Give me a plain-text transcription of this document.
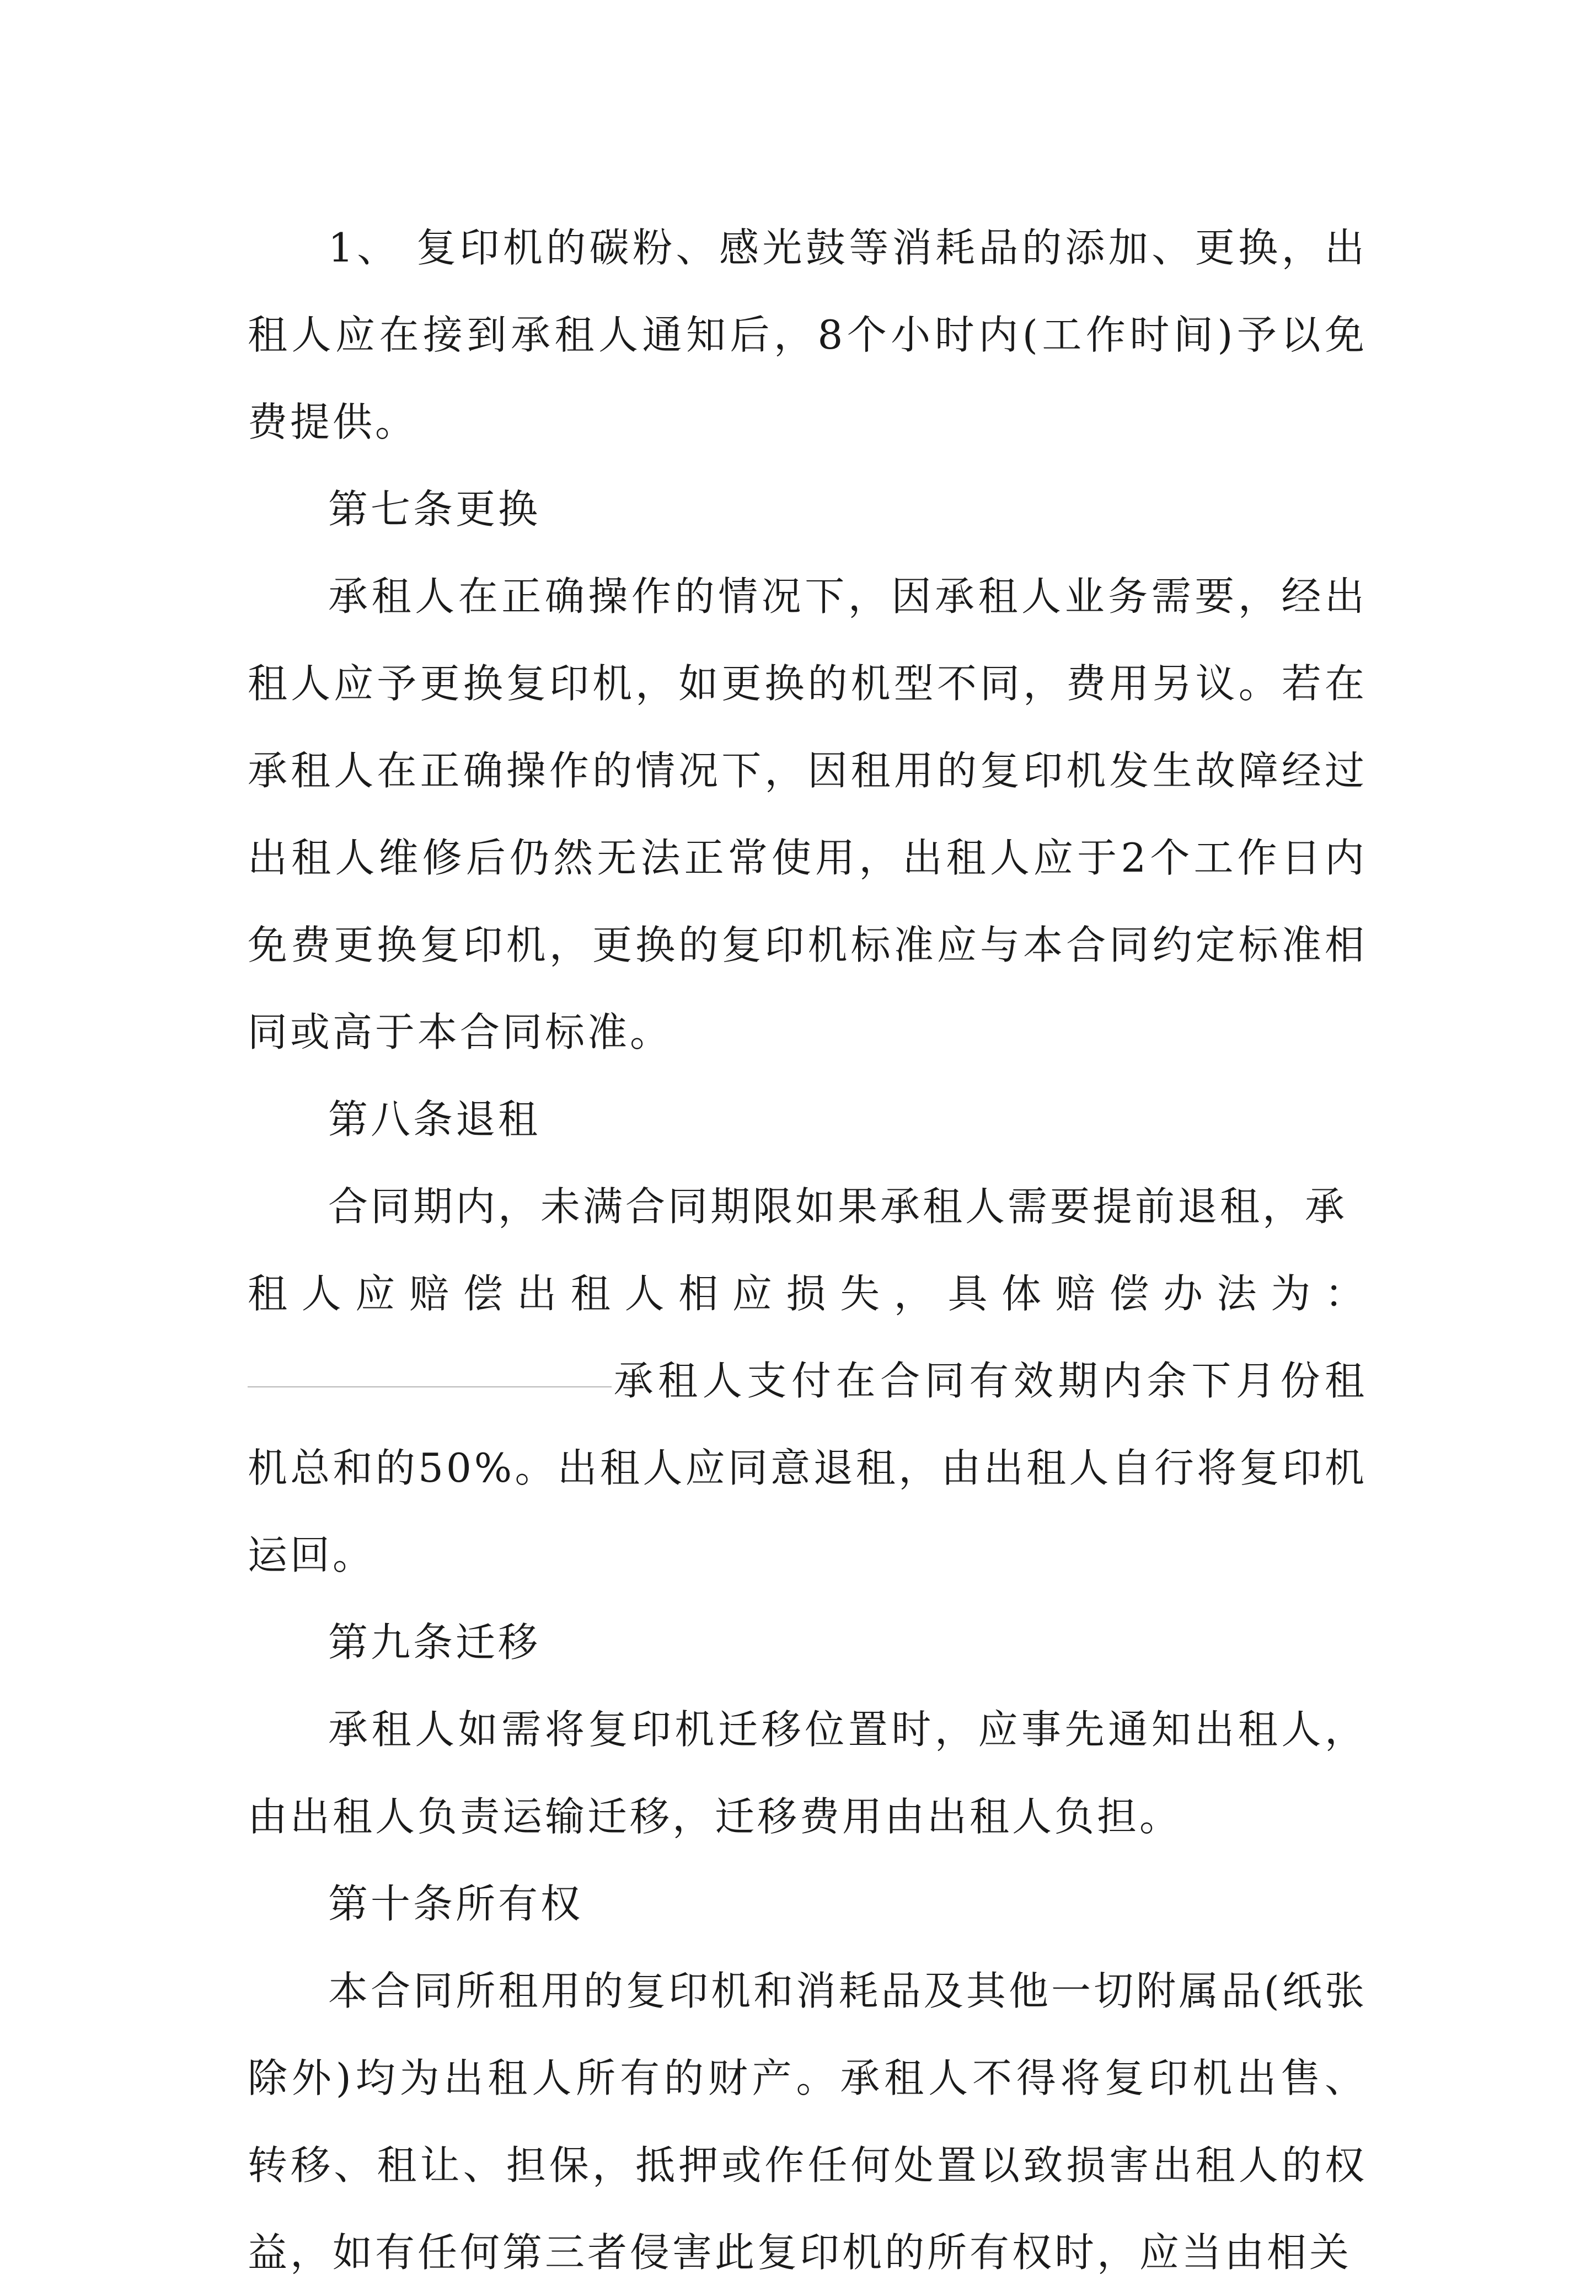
1、 复印机的碳粉、感光鼓等消耗品的添加、更换，出租人应在接到承租人通知后，8个小时内(工作时间)予以免费提供。

第七条更换

承租人在正确操作的情况下，因承租人业务需要，经出租人应予更换复印机，如更换的机型不同，费用另议。若在承租人在正确操作的情况下，因租用的复印机发生故障经过出租人维修后仍然无法正常使用，出租人应于2个工作日内免费更换复印机，更换的复印机标准应与本合同约定标准相同或高于本合同标准。

第八条退租

合同期内，未满合同期限如果承租人需要提前退租，承

租人应赔偿出租人相应损失，具体赔偿办法为：

承租人支付在合同有效期内余下月份租机总和的50%。出租人应同意退租，由出租人自行将复印机运回。

第九条迁移

承租人如需将复印机迁移位置时，应事先通知出租人，由出租人负责运输迁移，迁移费用由出租人负担。

第十条所有权

本合同所租用的复印机和消耗品及其他一切附属品(纸张除外)均为出租人所有的财产。承租人不得将复印机出售、转移、租让、担保，抵押或作任何处置以致损害出租人的权益，如有任何第三者侵害此复印机的所有权时，应当由相关
